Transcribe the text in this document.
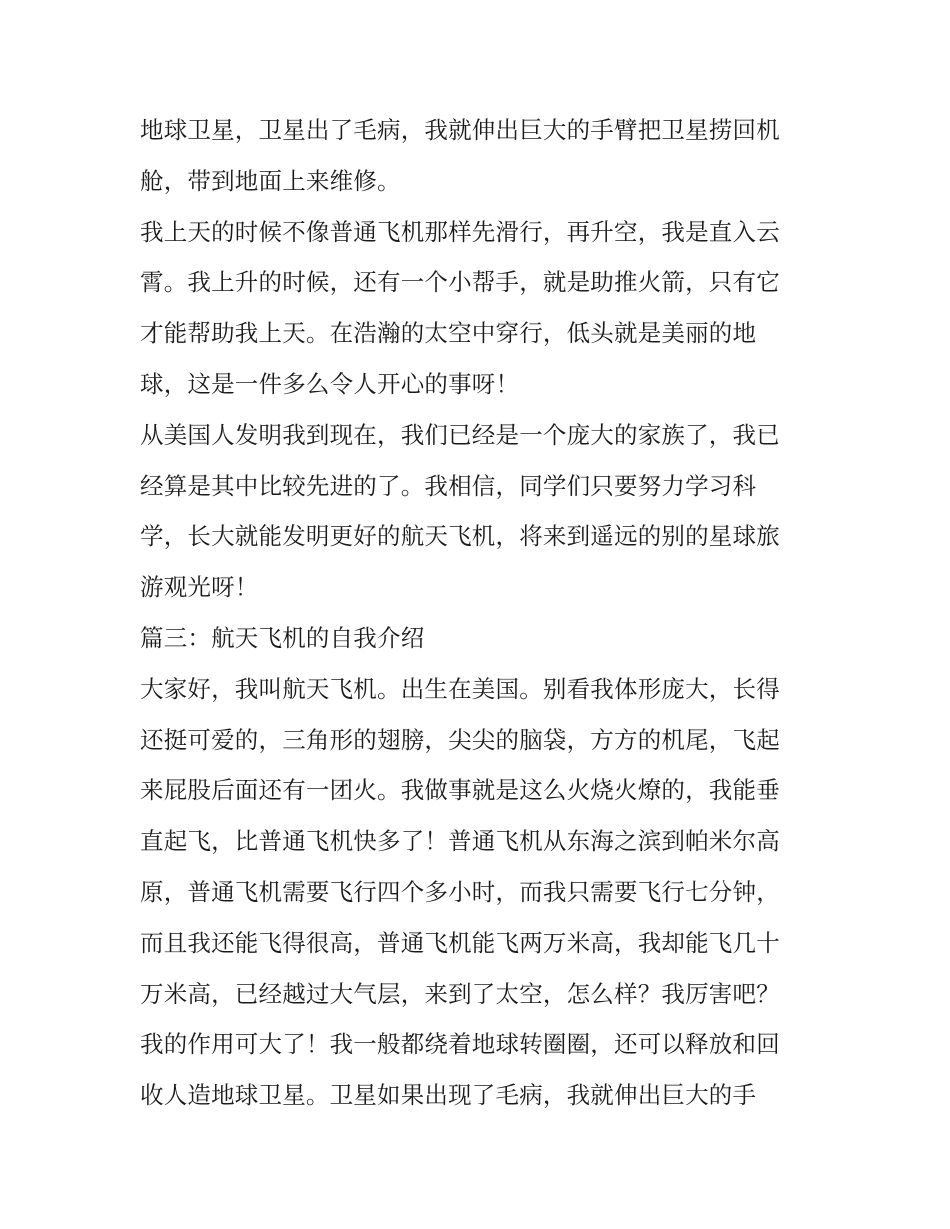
地球卫星，卫星出了毛病，我就伸出巨大的手臂把卫星捞回机
舱，带到地面上来维修。
我上天的时候不像普通飞机那样先滑行，再升空，我是直入云
霄。我上升的时候，还有一个小帮手，就是助推火箭，只有它
才能帮助我上天。在浩瀚的太空中穿行，低头就是美丽的地
球，这是一件多么令人开心的事呀！
从美国人发明我到现在，我们已经是一个庞大的家族了，我已
经算是其中比较先进的了。我相信，同学们只要努力学习科
学，长大就能发明更好的航天飞机，将来到遥远的别的星球旅
游观光呀！
篇三：航天飞机的自我介绍
大家好，我叫航天飞机。出生在美国。别看我体形庞大，长得
还挺可爱的，三角形的翅膀，尖尖的脑袋，方方的机尾，飞起
来屁股后面还有一团火。我做事就是这么火烧火燎的，我能垂
直起飞，比普通飞机快多了！普通飞机从东海之滨到帕米尔高
原，普通飞机需要飞行四个多小时，而我只需要飞行七分钟，
而且我还能飞得很高，普通飞机能飞两万米高，我却能飞几十
万米高，已经越过大气层，来到了太空，怎么样？我厉害吧？
我的作用可大了！我一般都绕着地球转圈圈，还可以释放和回
收人造地球卫星。卫星如果出现了毛病，我就伸出巨大的手
